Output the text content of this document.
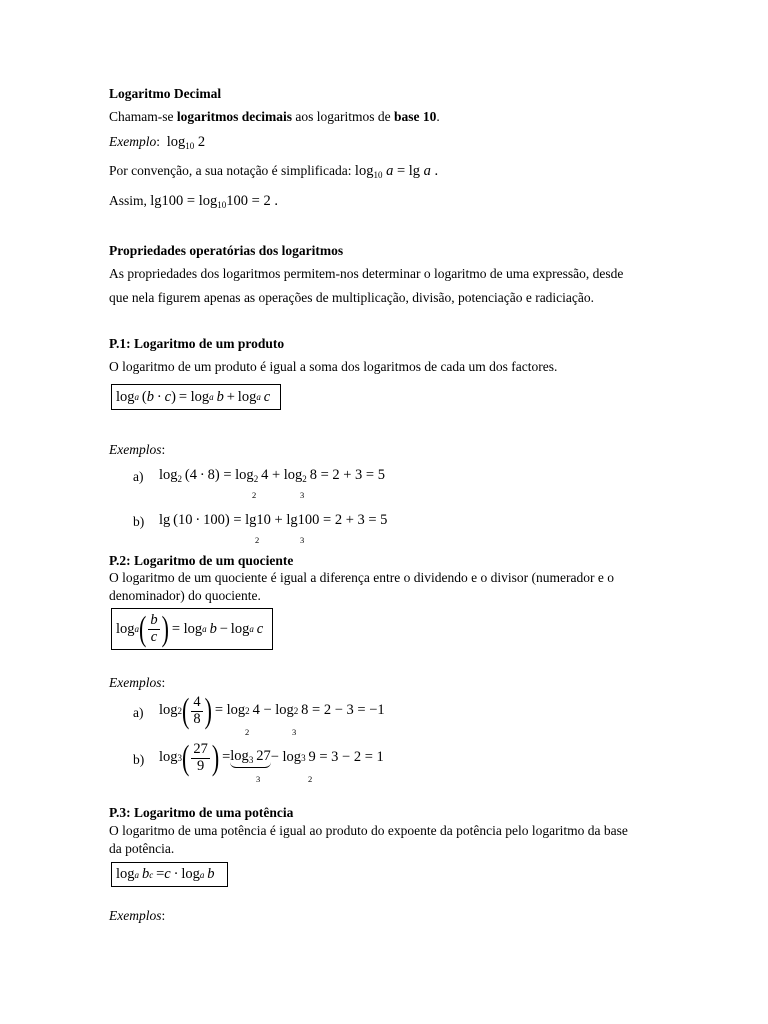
Logaritmo Decimal
Chamam-se logaritmos decimais aos logaritmos de base 10.
Exemplo:  $\log_{10} 2$
Por convenção, a sua notação é simplificada: $\log_{10} a = \lg a$ .
Assim, $\lg 100 = \log_{10}100 = 2$ .
Propriedades operatórias dos logaritmos
As propriedades dos logaritmos permitem-nos determinar o logaritmo de uma expressão, desde
que nela figurem apenas as operações de multiplicação, divisão, potenciação e radiciação.
P.1: Logaritmo de um produto
O logaritmo de um produto é igual a soma dos logaritmos de cada um dos factores.
log a  ( b  ·  c ) = log a
  b  + log a
  c
Exemplos:
a) $\log_2 (4 \cdot 8) = \log_2 4 + \log_2 8 = 2 + 3 = 5$
2	3
b) lg (10 · 100) = lg10 + lg100 = 2 + 3 = 5
2	3
P.2: Logaritmo de um quociente
O logaritmo de um quociente é igual a diferença entre o dividendo e o divisor (numerador e o
denominador) do quociente.
log a ( $\frac{b}{c}$ )  = log a
  b  − log a
  c
Exemplos:
a) log 2 ( $\frac{4}{8}$ )  = log 2  4 − log 2  8 = 2 − 3 = −1
2	3
b) log 3 ( $\frac{27}{9}$ )  = $\log_3 27 - \log 3$  9 = 3 − 2 = 1
3	2
P.3: Logaritmo de uma potência
O logaritmo de uma potência é igual ao produto do expoente da potência pelo logaritmo da base
da potência.
log a
  b c  = c  · log a
  b
Exemplos:
